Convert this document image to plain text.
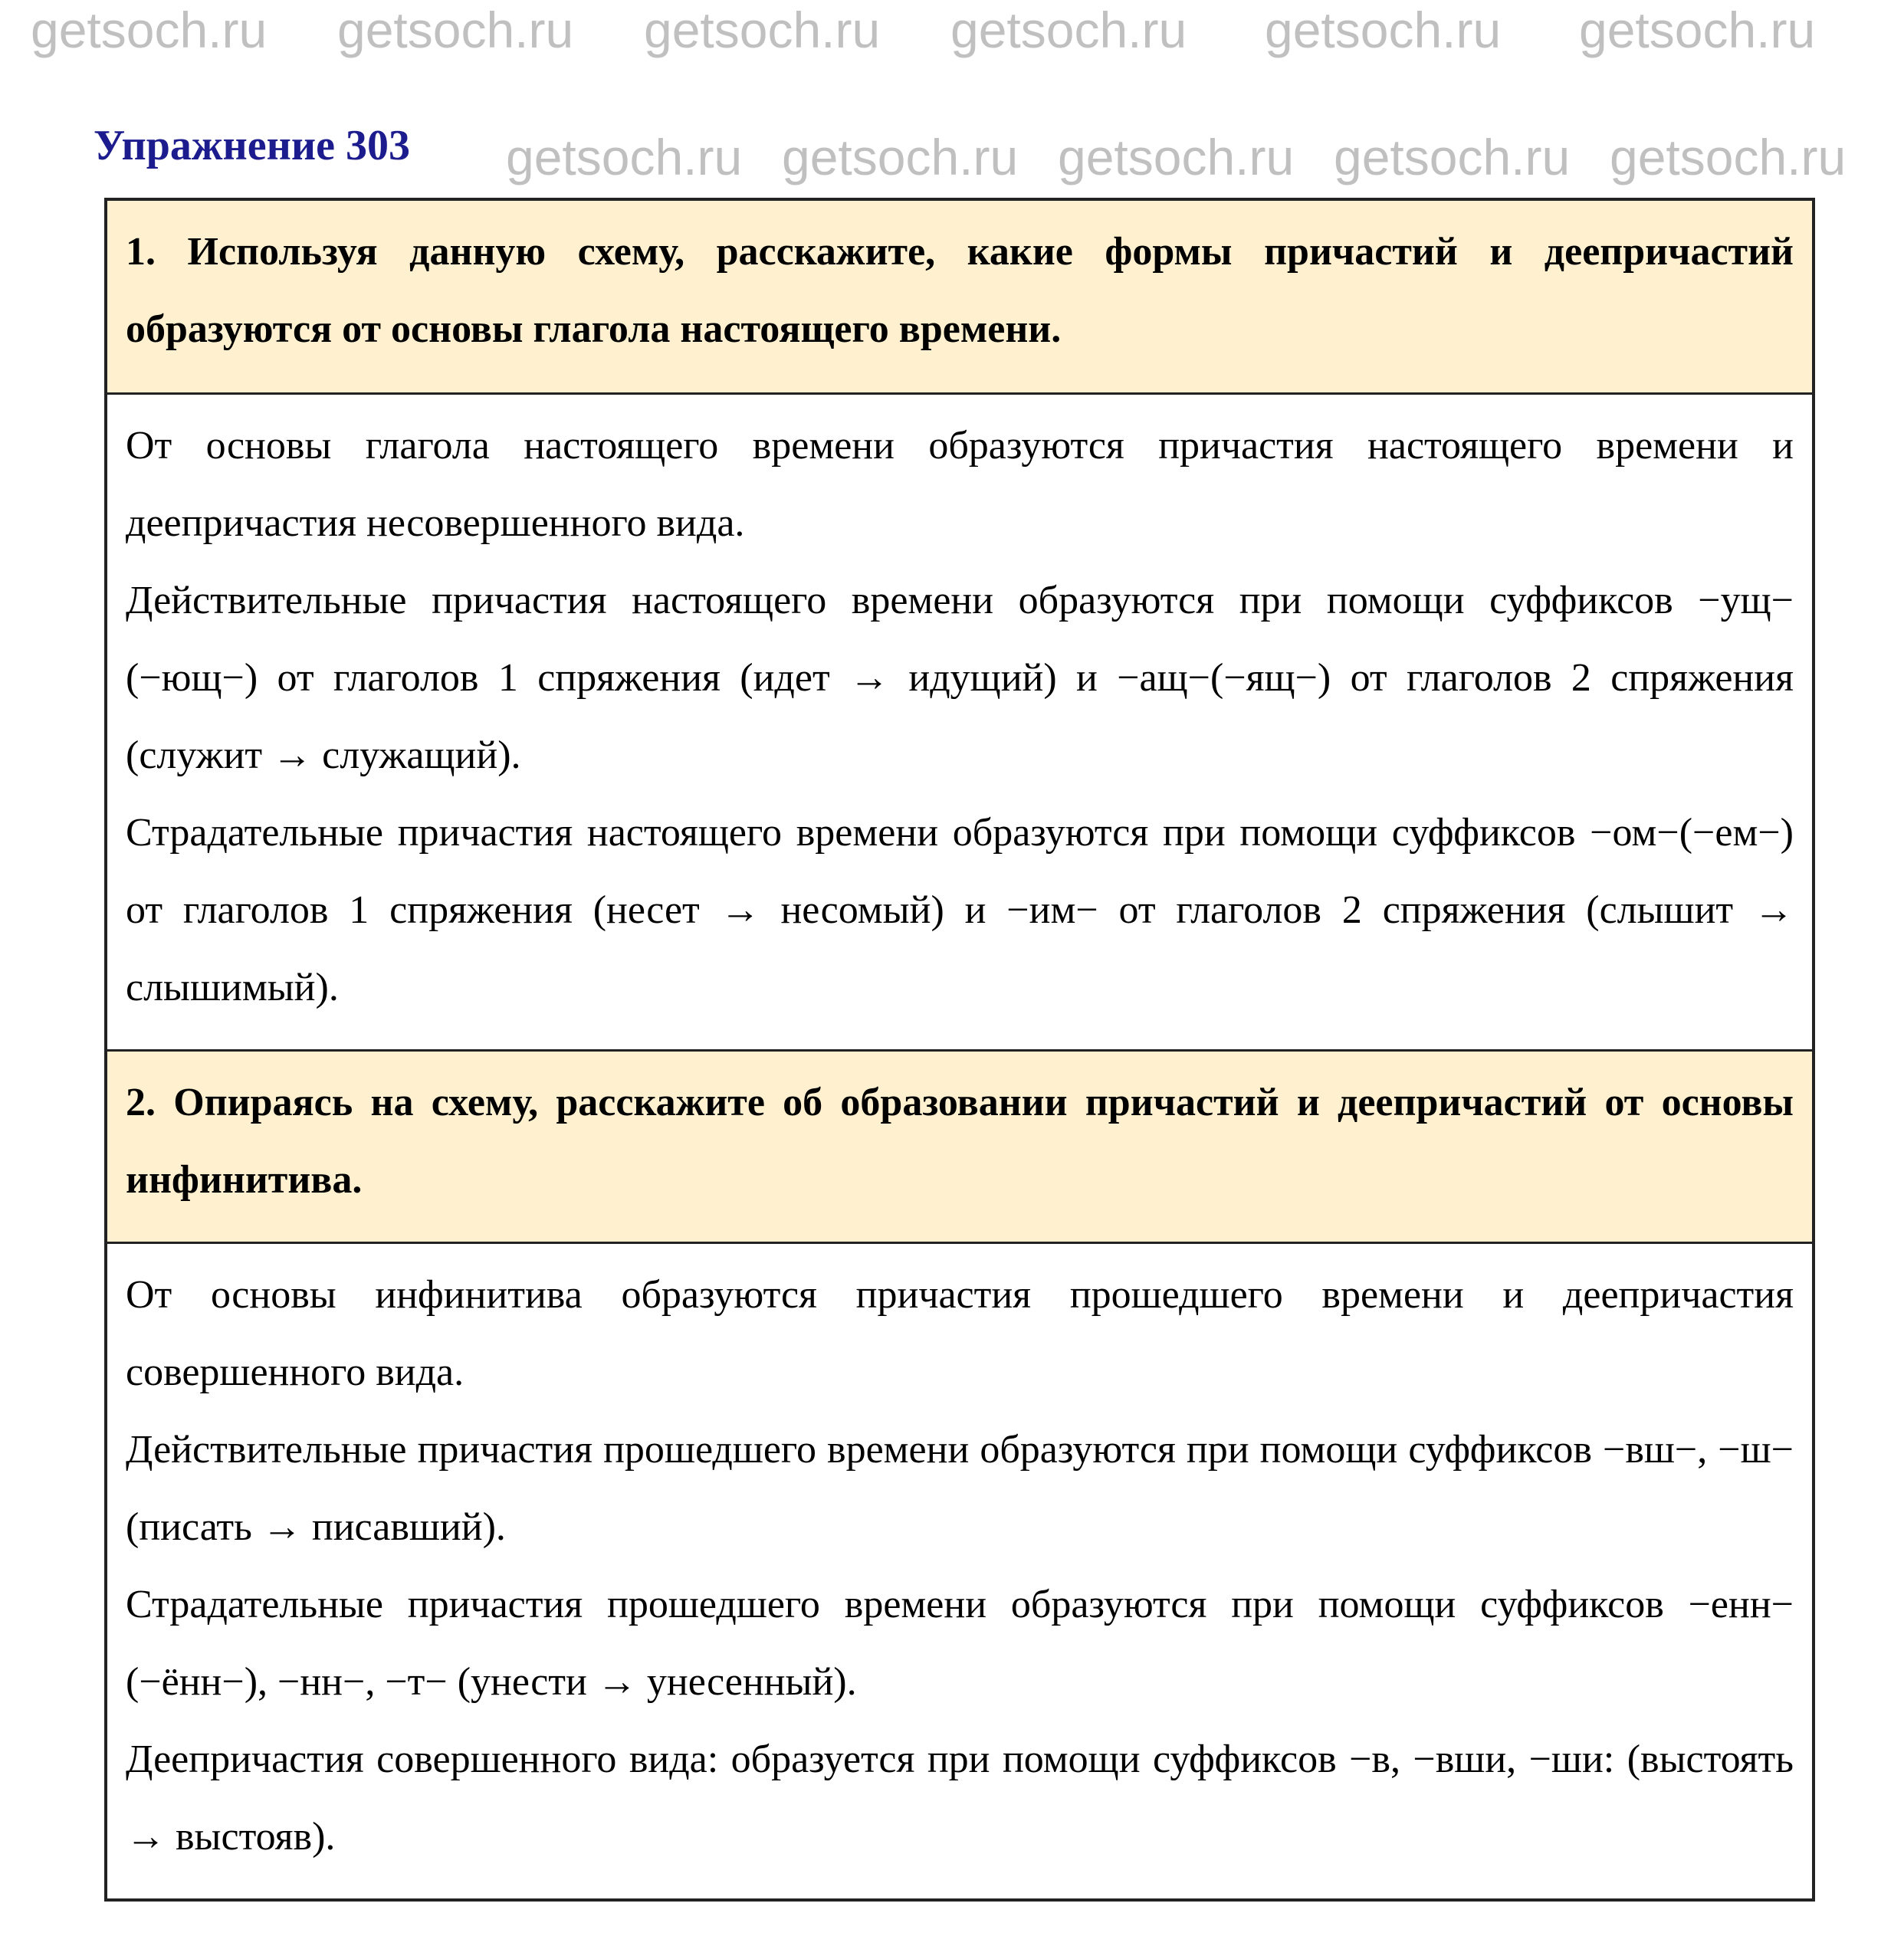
Упражнение 303

1. Используя данную схему, расскажите, какие формы причастий и деепричастий образуются от основы глагола настоящего времени.

От основы глагола настоящего времени образуются причастия настоящего времени и деепричастия несовершенного вида.

Действительные причастия настоящего времени образуются при помощи суффиксов −ущ−(−ющ−) от глаголов 1 спряжения (идет → идущий) и −ащ−(−ящ−) от глаголов 2 спряжения (служит → служащий).

Страдательные причастия настоящего времени образуются при помощи суффиксов −ом−(−ем−) от глаголов 1 спряжения (несет → несомый) и −им− от глаголов 2 спряжения (слышит → слышимый).

2. Опираясь на схему, расскажите об образовании причастий и деепричастий от основы инфинитива.

От основы инфинитива образуются причастия прошедшего времени и деепричастия совершенного вида.

Действительные причастия прошедшего времени образуются при помощи суффиксов −вш−, −ш− (писать → писавший).

Страдательные причастия прошедшего времени образуются при помощи суффиксов −енн−(−ённ−), −нн−, −т− (унести → унесенный).

Деепричастия совершенного вида: образуется при помощи суффиксов −в, −вши, −ши: (выстоять → выстояв).

getsoch.ru getsoch.ru getsoch.ru getsoch.ru getsoch.ru getsoch.ru
getsoch.ru getsoch.ru getsoch.ru getsoch.ru getsoch.ru
